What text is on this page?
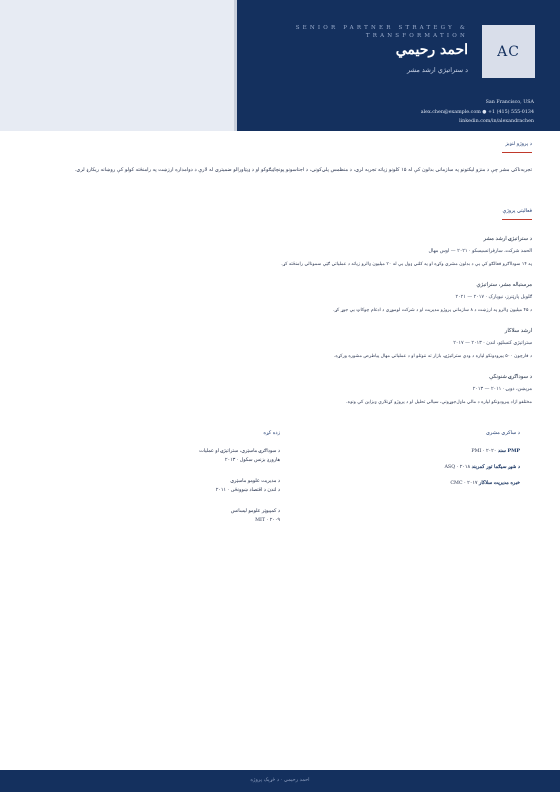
SENIOR PARTNER STRATEGY & TRANSFORMATION
احمد رحیمي
د ستراتیژي ارشد مشر
AC
San Francisco, USA
alex.chen@example.com ● +1 (415) 555-0134
linkedin.com/in/alexandrachen
د پروژو لنډيز
تجربه‌ناکي مشر چې د منزو لیکتونو په سازماني بدلون کې له ۱۵ کلونو زیاته تجربه لري، د منظمس پلي‌کوني، د اجناسونو پونچاټیګوکو او د ډېټاورالو ضمیتري له لارې د دوامداره ارزښت په رامنځته کولو کې روښانه ریکارډ لري.
فعالیتي پروژې
د ستراتیژۍ ارشد مشر
الحمد شرکت، سارفرانسیسکو · ۲۰۲۱ — اوس مهال
په ۱۴ سودااګرو فعالګو کې یې د بدلون مشري وکړه او په کلني ډول یې له ۲۰ میلیون ډالرو زیاته د عملیاتي ګټې سمونالي رامنځته کړ.
مرستیاله مشر، ستراتیژي
ګلوبل پارټنرز، نیویارک · ۲۰۱۷ — ۲۰۲۱
د ۴۵ میلیون ډالرو په ارزښت د ۸ سازماني پروژو مدیریت او د شرکت لوموړي د ادغام چوکاټ یې جوړ کړ.
ارشد سلاکار
ستراتیژي کنسلټو، لندن · ۲۰۱۳ — ۲۰۱۷
د فارچون ۵۰۰ پېرودونکو لپاره د ودې ستراتیژۍ، بازار ته ننوتلو او د عملیاتي مهال پیاطرص مشوره ورکړه.
د سوداګرۍ شنونکې
مریښن، دوبۍ · ۲۰۱۱ — ۲۰۱۳
مختلفو ازاد پېرودونکو لپاره د مالي ماډل‌جوړونې، سیالي تحلیل او د پروژو کړنلارې ډیزاین کې ونډه.
د ساکري مشري
PMP سند PMI · ۲۰۲۰
د شپږ سیګما تور کمربند ASQ · ۲۰۱۸
خبره مدیریت سلاکار CMC · ۲۰۱۷
زده کړه
د سوداګرۍ ماسټري، ستراتیژۍ او عملیات
هارورډ بزنس سکول · ۲۰۱۳
د مدیریت علومو ماسټري
د لندن د اقتصاد ښوونځی · ۲۰۱۱
د کمپیوټر علومو لیسانس
MIT · ۲۰۰۹
احمد رحیمي · د ځړېک پروژه
